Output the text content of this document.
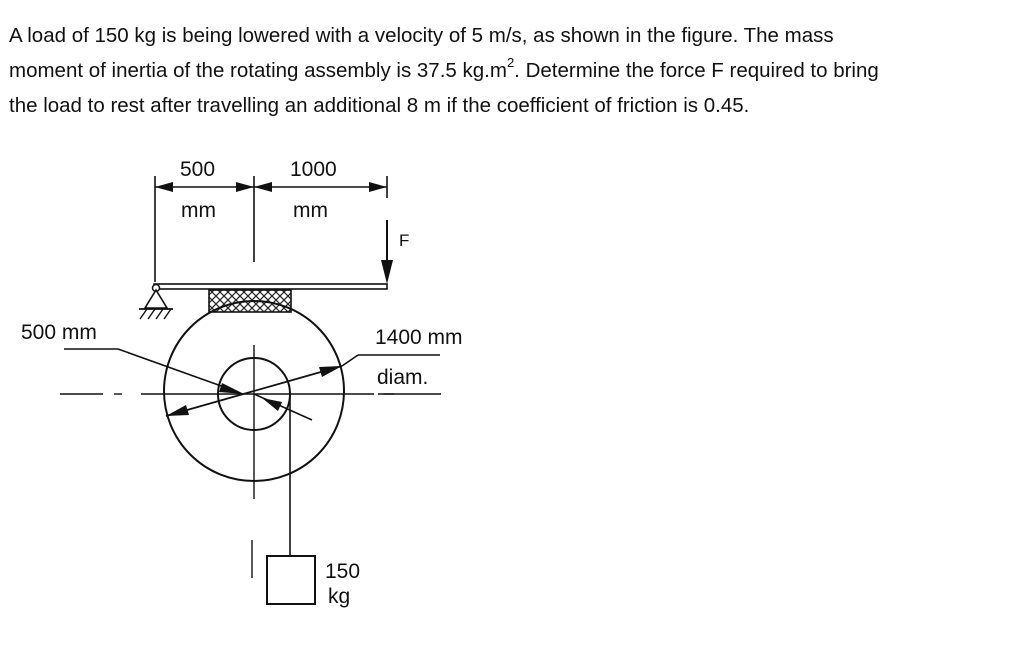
A load of 150 kg is being lowered with a velocity of 5 m/s, as shown in the figure. The mass
moment of inertia of the rotating assembly is 37.5 $kg.m^2$. Determine the force F required to bring
the load to rest after travelling an additional 8 m if the coefficient of friction is 0.45.

500
mm
1000
mm
F
500 mm	1400 mm
diam.
150
kg
